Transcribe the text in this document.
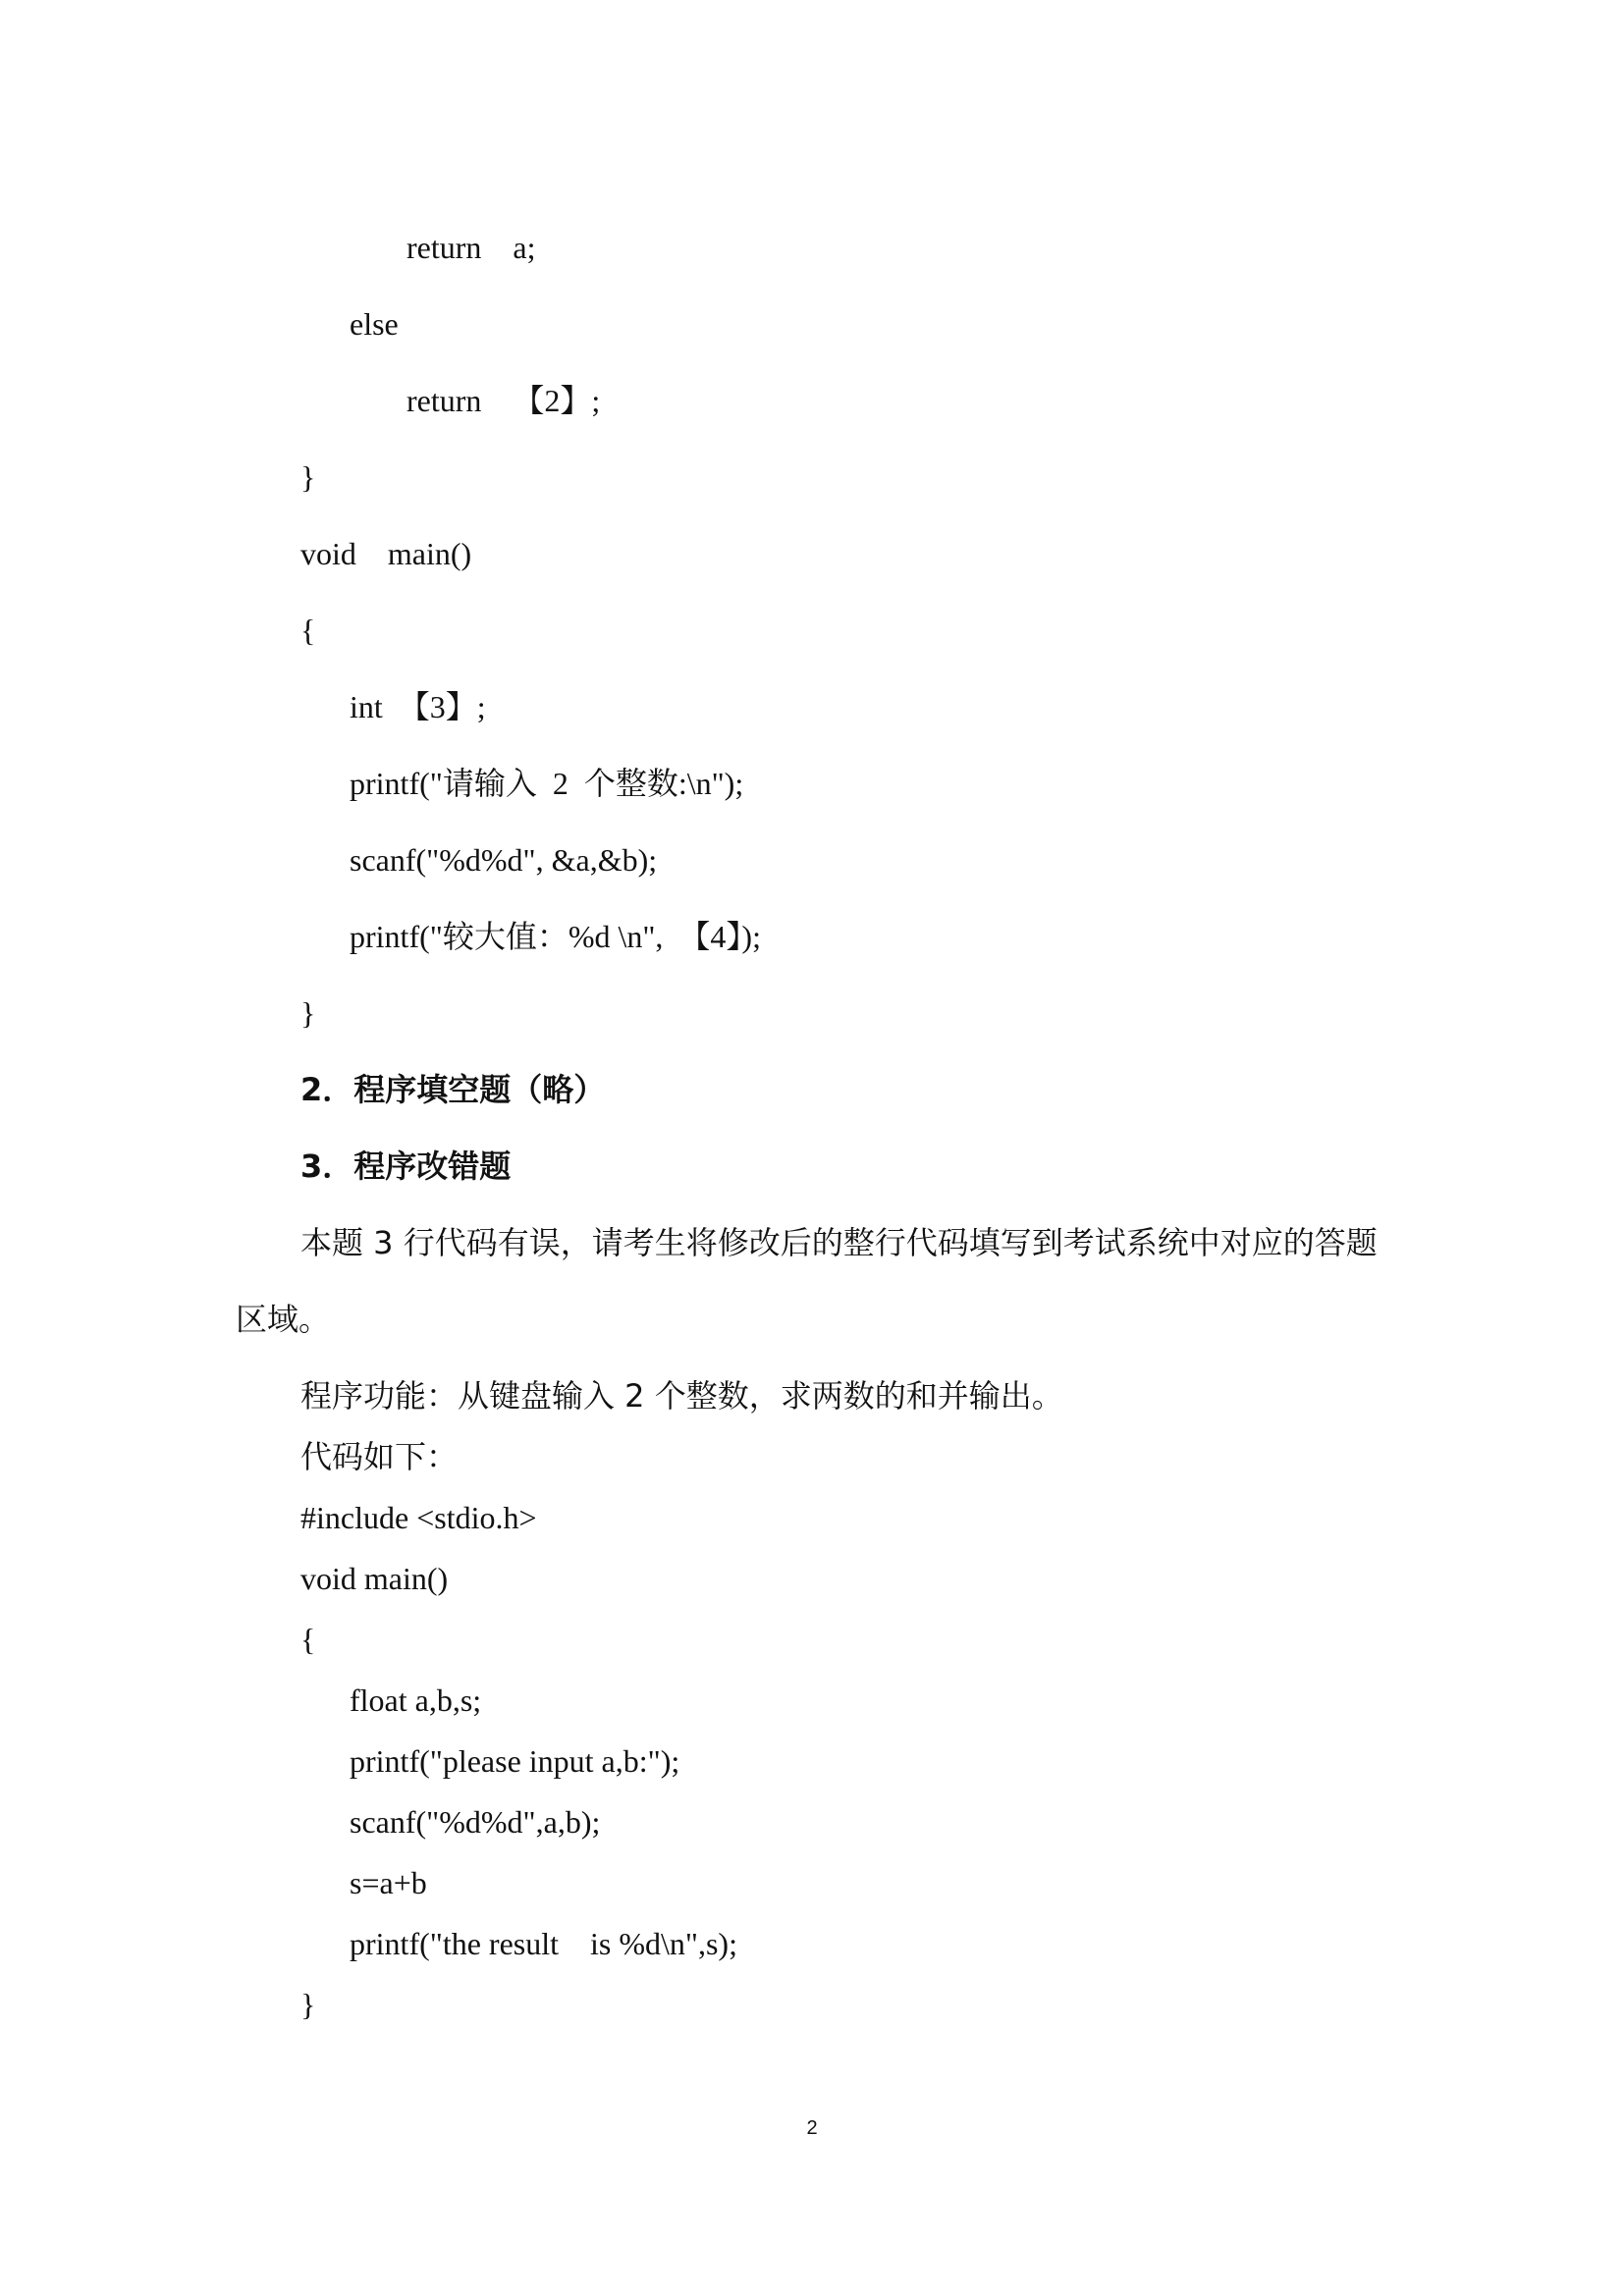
return    a;
else
return    【2】;
}
void    main()
{
int  【3】;
printf("请输入  2  个整数:\n");
scanf("%d%d", &a,&b);
printf("较大值：%d \n",  【4】);
}
2．程序填空题（略）
3．程序改错题
本题 3 行代码有误，请考生将修改后的整行代码填写到考试系统中对应的答题
区域。
程序功能：从键盘输入 2 个整数，求两数的和并输出。
代码如下：
#include <stdio.h>
void main()
{
float a,b,s;
printf("please input a,b:");
scanf("%d%d",a,b);
s=a+b
printf("the result    is %d\n",s);
}
2
